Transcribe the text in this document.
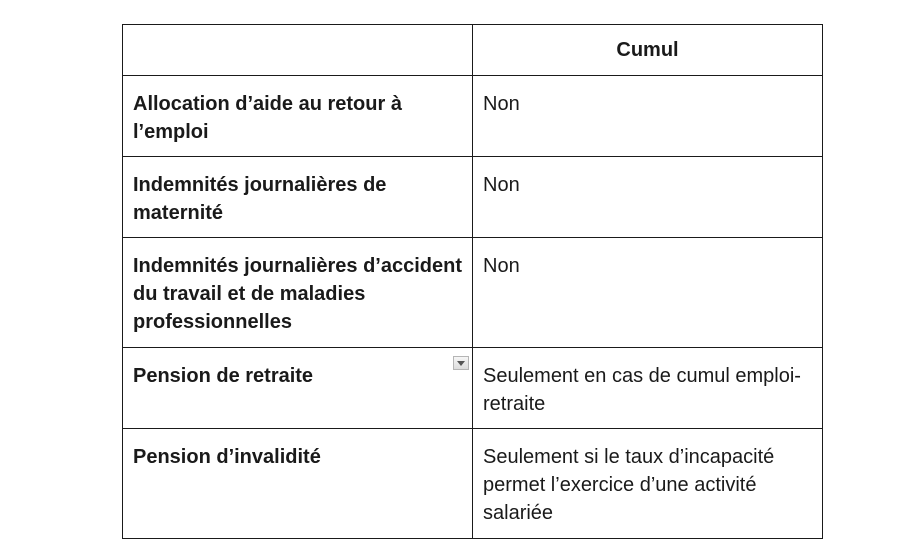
	Cumul
Allocation d’aide au retour à l’emploi	Non
Indemnités journalières de maternité	Non
Indemnités journalières d’accident du travail et de maladies professionnelles	Non
Pension de retraite	Seulement en cas de cumul emploi-retraite
Pension d’invalidité	Seulement si le taux d’incapacité permet l’exercice d’une activité salariée
